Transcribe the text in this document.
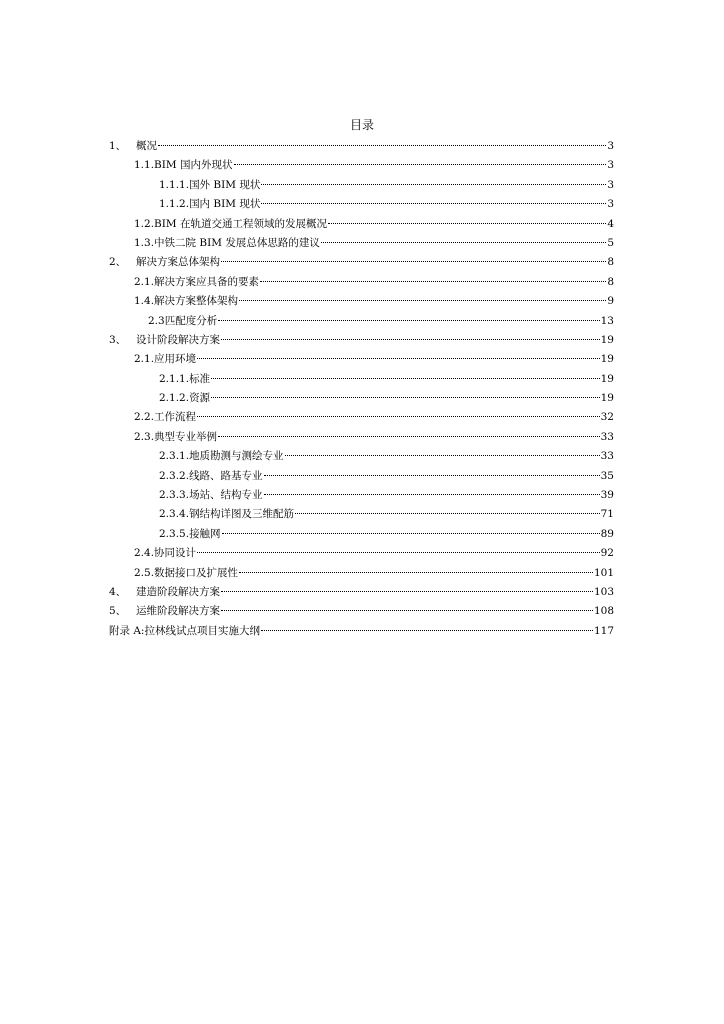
目录
1、 概况	3
1.1. BIM 国内外现状	3
1.1.1. 国外 BIM 现状	3
1.1.2. 国内 BIM 现状	3
1.2. BIM 在轨道交通工程领域的发展概况	4
1.3. 中铁二院 BIM 发展总体思路的建议	5
2、 解决方案总体架构	8
2.1. 解决方案应具备的要素	8
1.4. 解决方案整体架构	9
2.3 匹配度分析	13
3、 设计阶段解决方案	19
2.1. 应用环境	19
2.1.1. 标准	19
2.1.2. 资源	19
2.2. 工作流程	32
2.3. 典型专业举例	33
2.3.1. 地质勘测与测绘专业	33
2.3.2. 线路、路基专业	35
2.3.3. 场站、结构专业	39
2.3.4. 钢结构详图及三维配筋	71
2.3.5. 接触网	89
2.4. 协同设计	92
2.5. 数据接口及扩展性	101
4、 建造阶段解决方案	103
5、 运维阶段解决方案	108
附录 A: 拉林线试点项目实施大纲	117
